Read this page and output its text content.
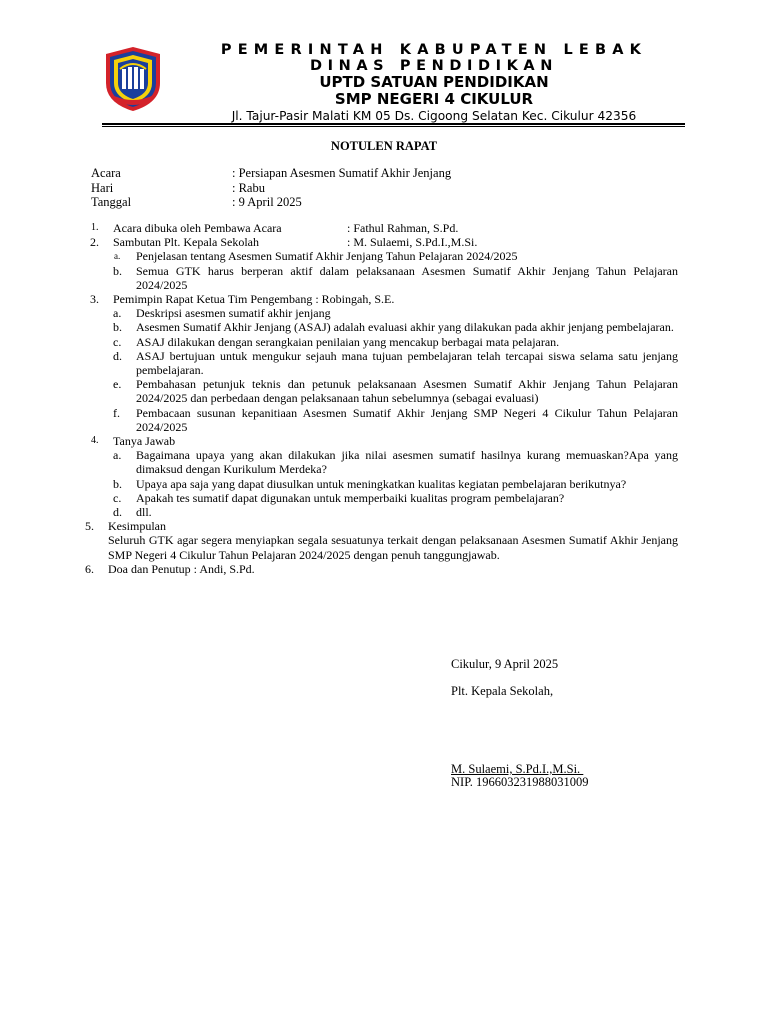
PEMERINTAH KABUPATEN LEBAK
DINAS PENDIDIKAN
UPTD SATUAN PENDIDIKAN
SMP NEGERI 4 CIKULUR
Jl. Tajur-Pasir Malati KM 05 Ds. Cigoong Selatan Kec. Cikulur 42356
NOTULEN RAPAT
Acara	: Persiapan Asesmen Sumatif Akhir Jenjang
Hari	: Rabu
Tanggal	: 9 April 2025
1. Acara dibuka oleh Pembawa Acara	: Fathul Rahman, S.Pd.
2. Sambutan Plt. Kepala Sekolah	: M. Sulaemi, S.Pd.I.,M.Si.
a. Penjelasan tentang Asesmen Sumatif Akhir Jenjang Tahun Pelajaran 2024/2025
b. Semua GTK harus berperan aktif dalam pelaksanaan Asesmen Sumatif Akhir Jenjang Tahun Pelajaran 2024/2025
3. Pemimpin Rapat Ketua Tim Pengembang : Robingah, S.E.
a. Deskripsi asesmen sumatif akhir jenjang
b. Asesmen Sumatif Akhir Jenjang (ASAJ) adalah evaluasi akhir yang dilakukan pada akhir jenjang pembelajaran.
c. ASAJ dilakukan dengan serangkaian penilaian yang mencakup berbagai mata pelajaran.
d. ASAJ bertujuan untuk mengukur sejauh mana tujuan pembelajaran telah tercapai siswa selama satu jenjang pembelajaran.
e. Pembahasan petunjuk teknis dan petunuk pelaksanaan Asesmen Sumatif Akhir Jenjang Tahun Pelajaran 2024/2025 dan perbedaan dengan pelaksanaan tahun sebelumnya (sebagai evaluasi)
f. Pembacaan susunan kepanitiaan Asesmen Sumatif Akhir Jenjang SMP Negeri 4 Cikulur Tahun Pelajaran 2024/2025
4. Tanya Jawab
a. Bagaimana upaya yang akan dilakukan jika nilai asesmen sumatif hasilnya kurang memuaskan?Apa yang dimaksud dengan Kurikulum Merdeka?
b. Upaya apa saja yang dapat diusulkan untuk meningkatkan kualitas kegiatan pembelajaran berikutnya?
c. Apakah tes sumatif dapat digunakan untuk memperbaiki kualitas program pembelajaran?
d. dll.
5. Kesimpulan
Seluruh GTK agar segera menyiapkan segala sesuatunya terkait dengan pelaksanaan Asesmen Sumatif Akhir Jenjang SMP Negeri 4 Cikulur Tahun Pelajaran 2024/2025 dengan penuh tanggungjawab.
6. Doa dan Penutup : Andi, S.Pd.
Cikulur, 9 April 2025
Plt. Kepala Sekolah,
M. Sulaemi, S.Pd.I.,M.Si.
NIP. 196603231988031009
